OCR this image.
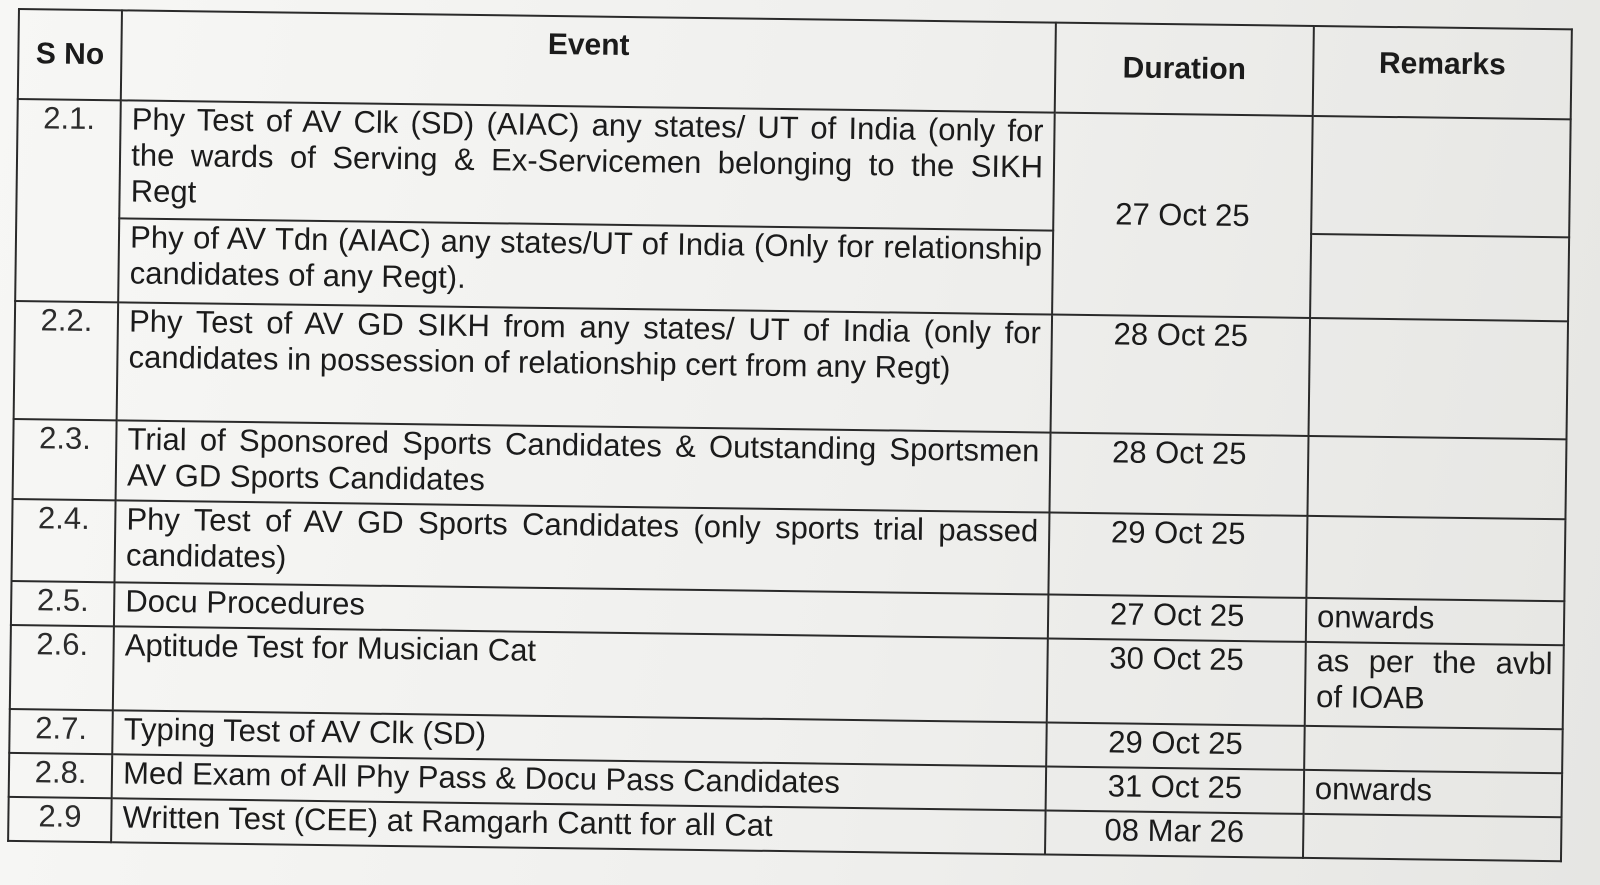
S No	Event	Duration	Remarks
2.1.	Phy Test of AV Clk (SD) (AIAC) any states/ UT of India (only for the wards of Serving & Ex-Servicemen belonging to the SIKH Regt	27 Oct 25	
	Phy of AV Tdn (AIAC) any states/UT of India (Only for relationship candidates of any Regt).		
2.2.	Phy Test of AV GD SIKH from any states/ UT of India (only for candidates in possession of relationship cert from any Regt)	28 Oct 25	
2.3.	Trial of Sponsored Sports Candidates & Outstanding Sportsmen AV GD Sports Candidates	28 Oct 25	
2.4.	Phy Test of AV GD Sports Candidates (only sports trial passed candidates)	29 Oct 25	
2.5.	Docu Procedures	27 Oct 25	onwards
2.6.	Aptitude Test for Musician Cat	30 Oct 25	as per the avbl of IOAB
2.7.	Typing Test of AV Clk (SD)	29 Oct 25	
2.8.	Med Exam of All Phy Pass & Docu Pass Candidates	31 Oct 25	onwards
2.9	Written Test (CEE) at Ramgarh Cantt for all Cat	08 Mar 26	
